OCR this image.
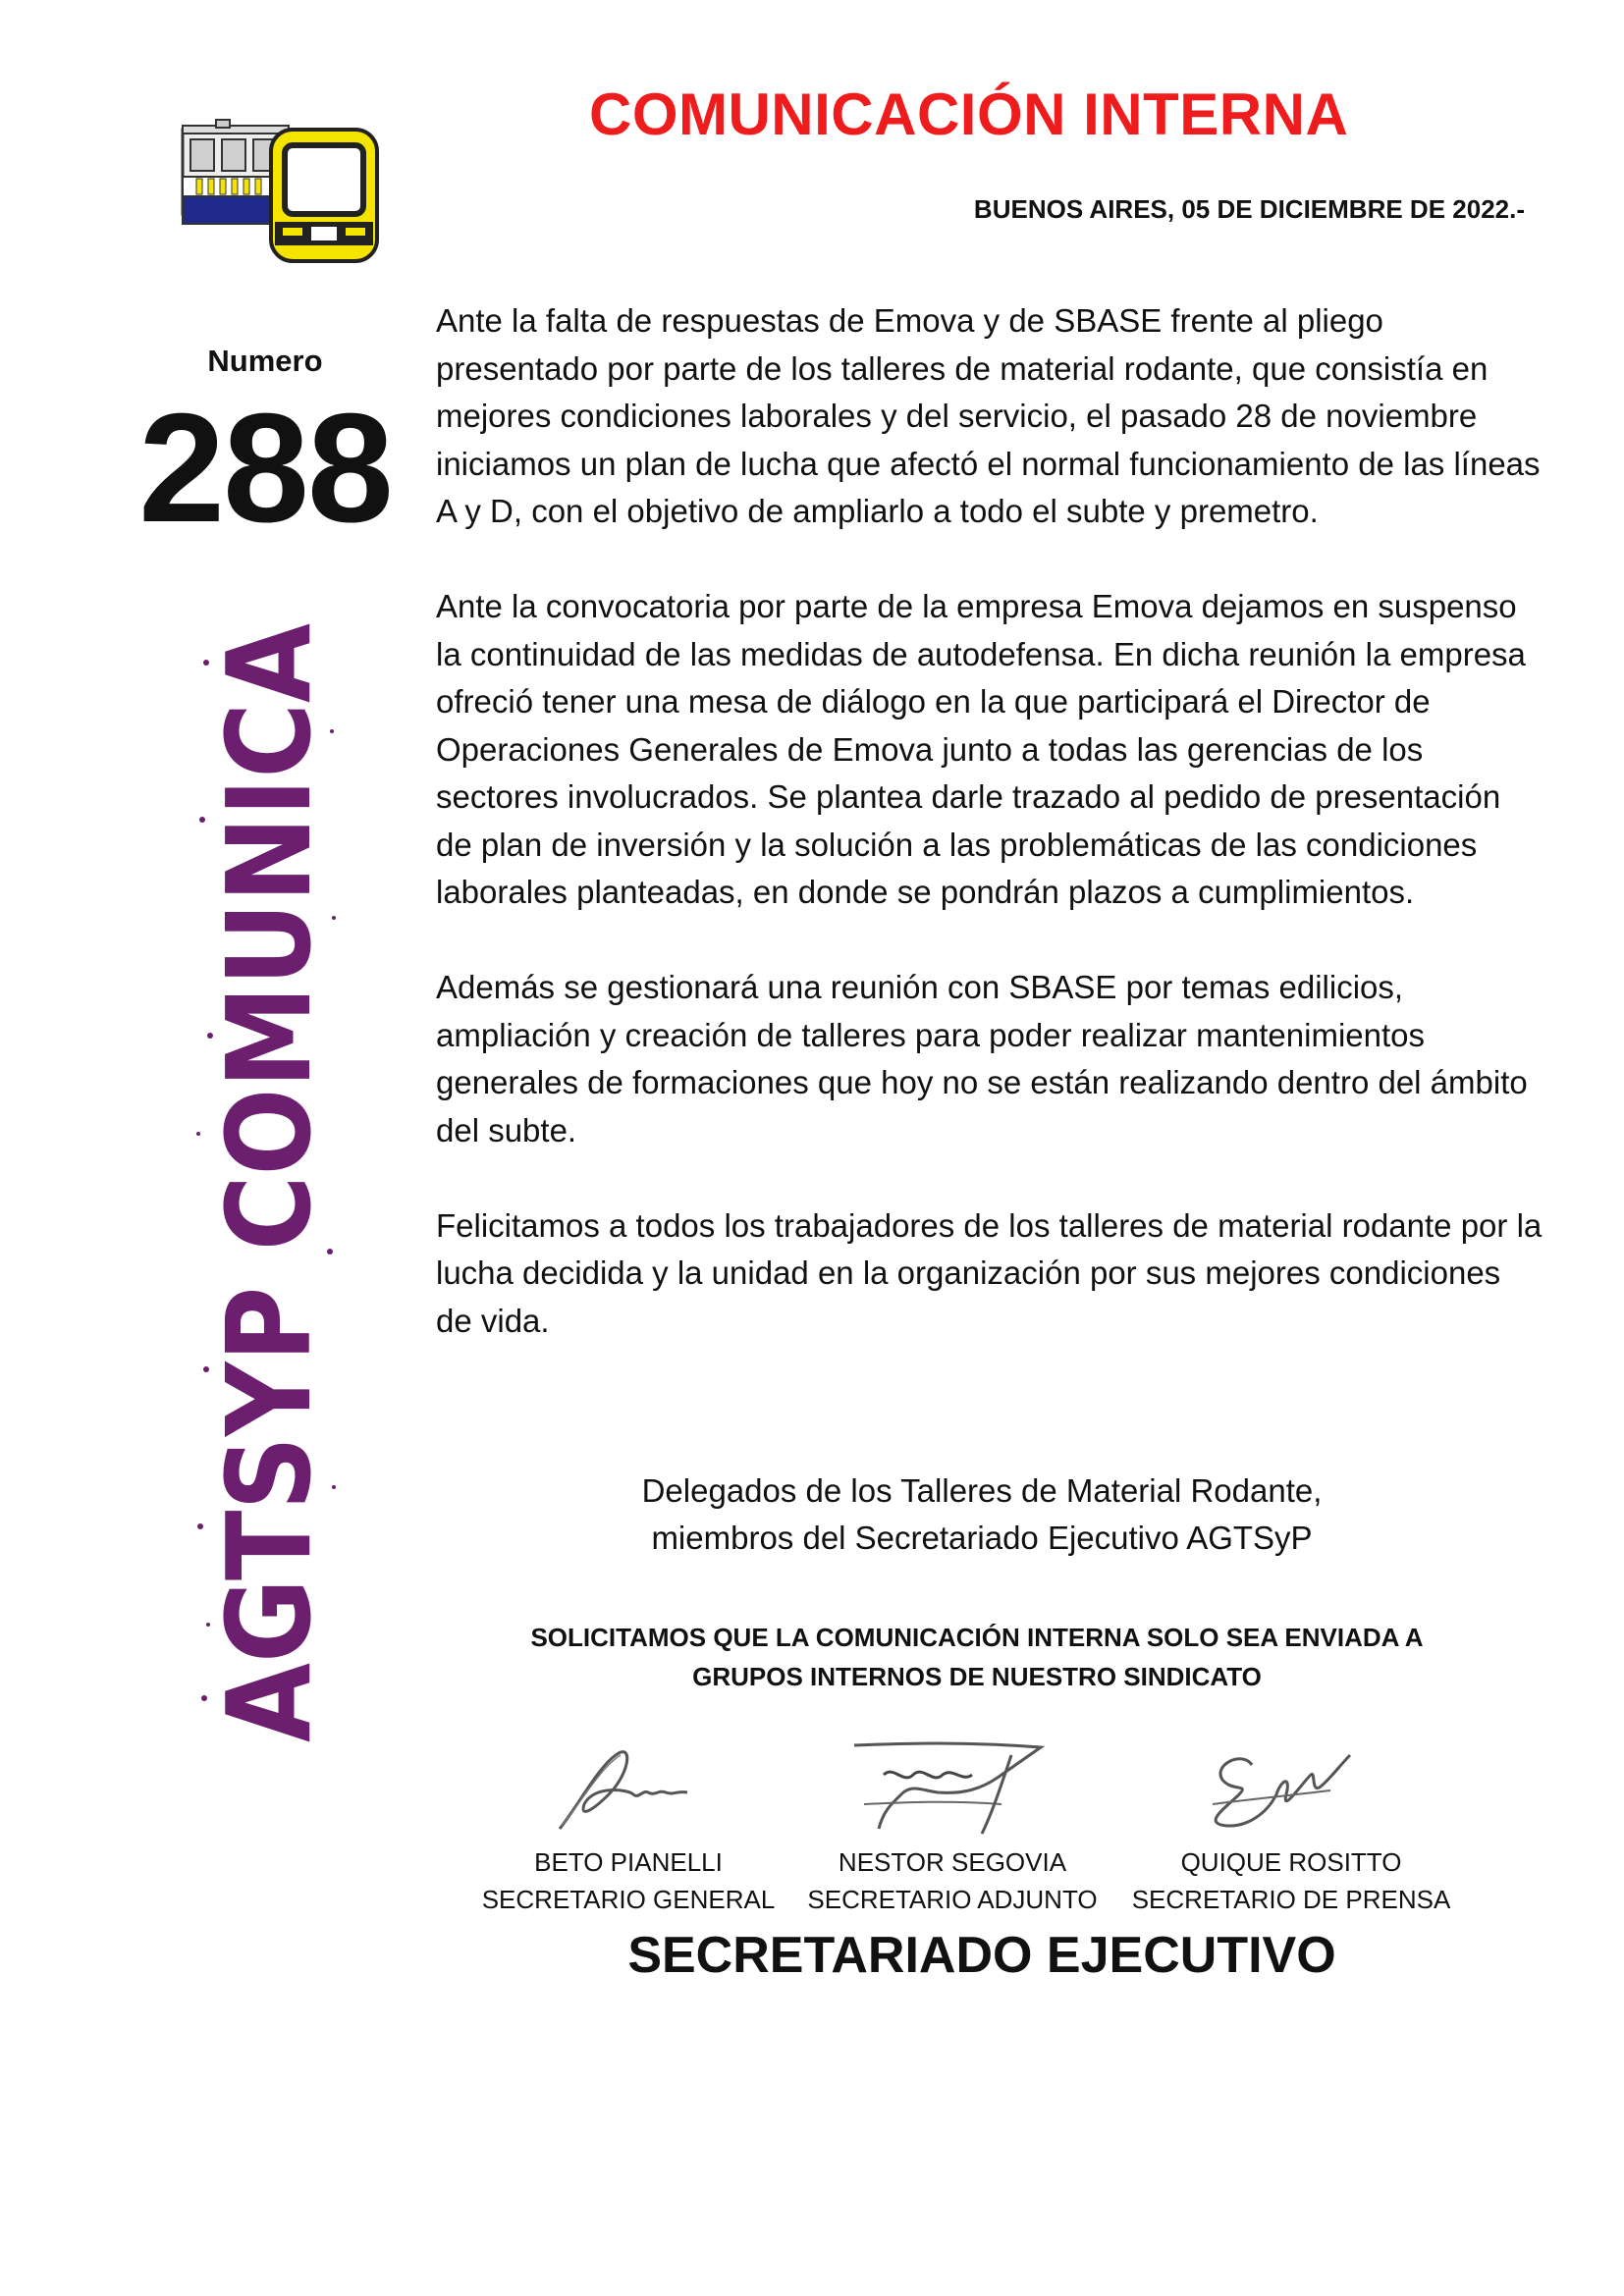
COMUNICACIÓN INTERNA
BUENOS AIRES, 05 DE DICIEMBRE DE 2022.-
Numero
288
AGTSYP COMUNICA

Ante la falta de respuestas de Emova y de SBASE frente al pliego presentado por parte de los talleres de material rodante, que consistía en mejores condiciones laborales y del servicio, el pasado 28 de noviembre iniciamos un plan de lucha que afectó el normal funcionamiento de las líneas A y D, con el objetivo de ampliarlo a todo el subte y premetro.

Ante la convocatoria por parte de la empresa Emova dejamos en suspenso la continuidad de las medidas de autodefensa. En dicha reunión la empresa ofreció tener una mesa de diálogo en la que participará el Director de Operaciones Generales de Emova junto a todas las gerencias de los sectores involucrados. Se plantea darle trazado al pedido de presentación de plan de inversión y la solución a las problemáticas de las condiciones laborales planteadas, en donde se pondrán plazos a cumplimientos.

Además se gestionará una reunión con SBASE por temas edilicios, ampliación y creación de talleres para poder realizar mantenimientos generales de formaciones que hoy no se están realizando dentro del ámbito del subte.

Felicitamos a todos los trabajadores de los talleres de material rodante por la lucha decidida y la unidad en la organización por sus mejores condiciones de vida.

Delegados de los Talleres de Material Rodante,
miembros del Secretariado Ejecutivo AGTSyP
SOLICITAMOS QUE LA COMUNICACIÓN INTERNA SOLO SEA ENVIADA A
GRUPOS INTERNOS DE NUESTRO SINDICATO
BETO PIANELLI
SECRETARIO GENERAL
NESTOR SEGOVIA
SECRETARIO ADJUNTO
QUIQUE ROSITTO
SECRETARIO DE PRENSA
SECRETARIADO EJECUTIVO
